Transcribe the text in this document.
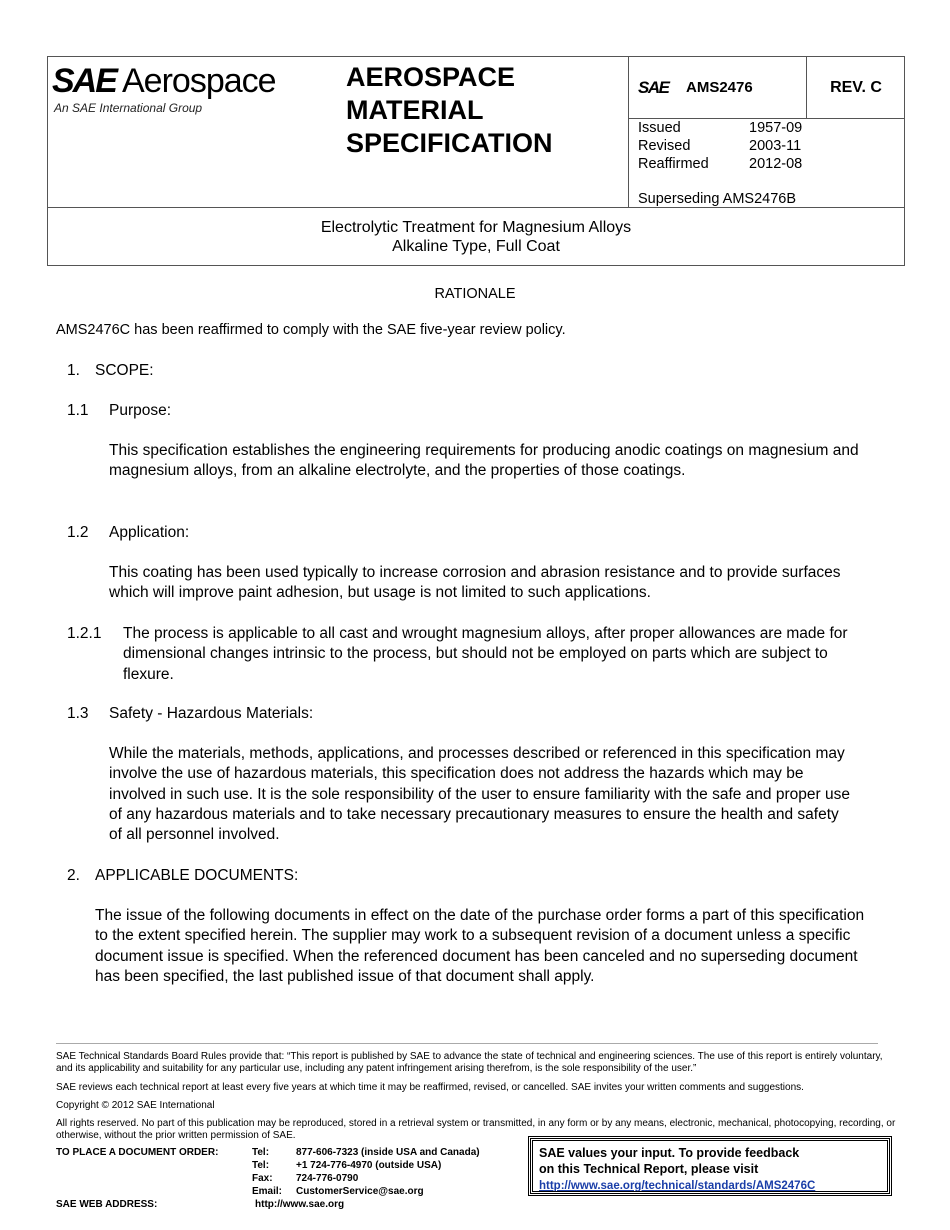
SAE Aerospace
An SAE International Group
AEROSPACE
MATERIAL
SPECIFICATION
SAE AMS2476	REV. C
Issued	1957-09
Revised	2003-11
Reaffirmed	2012-08
Superseding AMS2476B
Electrolytic Treatment for Magnesium Alloys
Alkaline Type, Full Coat
RATIONALE
AMS2476C has been reaffirmed to comply with the SAE five-year review policy.
1. SCOPE:
1.1 Purpose:
This specification establishes the engineering requirements for producing anodic coatings on magnesium and magnesium alloys, from an alkaline electrolyte, and the properties of those coatings.
1.2 Application:
This coating has been used typically to increase corrosion and abrasion resistance and to provide surfaces which will improve paint adhesion, but usage is not limited to such applications.
1.2.1 The process is applicable to all cast and wrought magnesium alloys, after proper allowances are made for dimensional changes intrinsic to the process, but should not be employed on parts which are subject to flexure.
1.3 Safety - Hazardous Materials:
While the materials, methods, applications, and processes described or referenced in this specification may involve the use of hazardous materials, this specification does not address the hazards which may be involved in such use. It is the sole responsibility of the user to ensure familiarity with the safe and proper use of any hazardous materials and to take necessary precautionary measures to ensure the health and safety of all personnel involved.
2. APPLICABLE DOCUMENTS:
The issue of the following documents in effect on the date of the purchase order forms a part of this specification to the extent specified herein. The supplier may work to a subsequent revision of a document unless a specific document issue is specified. When the referenced document has been canceled and no superseding document has been specified, the last published issue of that document shall apply.
SAE Technical Standards Board Rules provide that: “This report is published by SAE to advance the state of technical and engineering sciences. The use of this report is entirely voluntary, and its applicability and suitability for any particular use, including any patent infringement arising therefrom, is the sole responsibility of the user.”
SAE reviews each technical report at least every five years at which time it may be reaffirmed, revised, or cancelled. SAE invites your written comments and suggestions.
Copyright © 2012 SAE International
All rights reserved. No part of this publication may be reproduced, stored in a retrieval system or transmitted, in any form or by any means, electronic, mechanical, photocopying, recording, or otherwise, without the prior written permission of SAE.
TO PLACE A DOCUMENT ORDER:
SAE WEB ADDRESS:
Tel:	877-606-7323 (inside USA and Canada)
Tel:	+1 724-776-4970 (outside USA)
Fax: 724-776-0790
Email: CustomerService@sae.org
http://www.sae.org
SAE values your input. To provide feedback
on this Technical Report, please visit
http://www.sae.org/technical/standards/AMS2476C
